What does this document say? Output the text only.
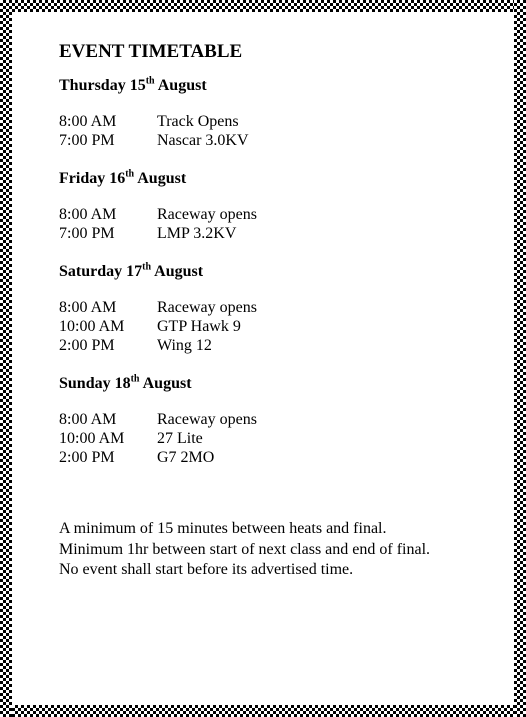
EVENT TIMETABLE
Thursday 15th August
8:00 AM	Track Opens
7:00 PM	Nascar 3.0KV
Friday 16th August
8:00 AM	Raceway opens
7:00 PM	LMP 3.2KV
Saturday 17th August
8:00 AM	Raceway opens
10:00 AM	GTP Hawk 9
2:00 PM	Wing 12
Sunday 18th August
8:00 AM	Raceway opens
10:00 AM	27 Lite
2:00 PM	G7 2MO
A minimum of 15 minutes between heats and final.
Minimum 1hr between start of next class and end of final.
No event shall start before its advertised time.
